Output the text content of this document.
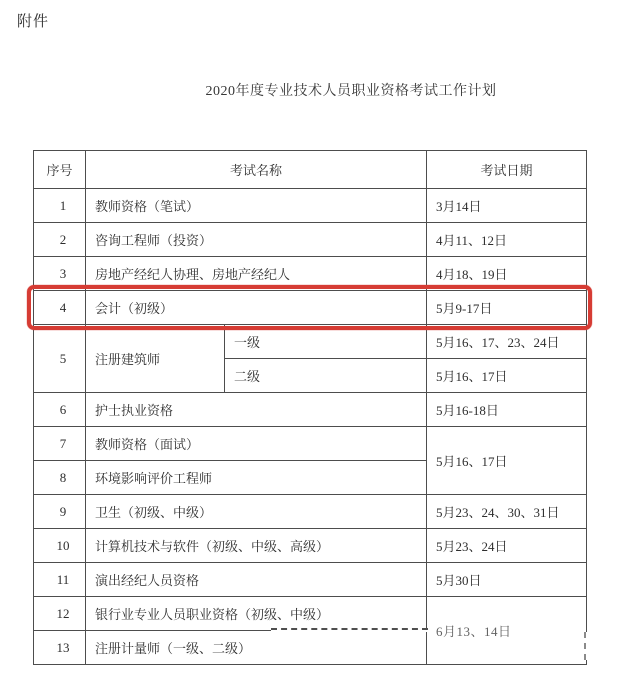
附件
2020年度专业技术人员职业资格考试工作计划
序号	考试名称		考试日期
1	教师资格（笔试）		3月14日
2	咨询工程师（投资）		4月11、12日
3	房地产经纪人协理、房地产经纪人		4月18、19日
4	会计（初级）		5月9-17日
5	注册建筑师	一级	5月16、17、23、24日
		二级	5月16、17日
6	护士执业资格		5月16-18日
7	教师资格（面试）		5月16、17日
8	环境影响评价工程师		
9	卫生（初级、中级）		5月23、24、30、31日
10	计算机技术与软件（初级、中级、高级）		5月23、24日
11	演出经纪人员资格		5月30日
12	银行业专业人员职业资格（初级、中级）		6月13、14日
13	注册计量师（一级、二级）		
